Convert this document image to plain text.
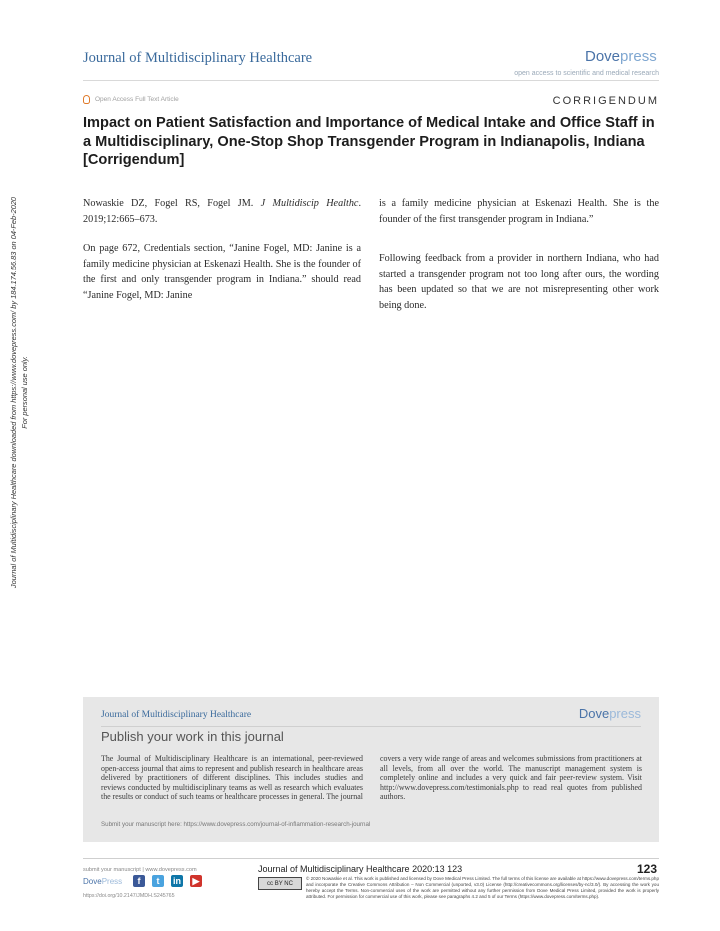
Journal of Multidisciplinary Healthcare	Dovepress
open access to scientific and medical research
Open Access Full Text Article	CORRIGENDUM
Impact on Patient Satisfaction and Importance of Medical Intake and Office Staff in a Multidisciplinary, One-Stop Shop Transgender Program in Indianapolis, Indiana [Corrigendum]
Journal of Multidisciplinary Healthcare downloaded from https://www.dovepress.com/ by 184.174.56.83 on 04-Feb-2020 For personal use only.

Nowaskie DZ, Fogel RS, Fogel JM. J Multidiscip Healthc. 2019;12:665–673.

On page 672, Credentials section, “Janine Fogel, MD: Janine is a family medicine physician at Eskenazi Health. She is the founder of the first and only transgender program in Indiana.” should read “Janine Fogel, MD: Janine

is a family medicine physician at Eskenazi Health. She is the founder of the first transgender program in Indiana.”

Following feedback from a provider in northern Indiana, who had started a transgender program not too long after ours, the wording has been updated so that we are not misrepresenting other work being done.

Journal of Multidisciplinary Healthcare	Dovepress
Publish your work in this journal
The Journal of Multidisciplinary Healthcare is an international, peer-reviewed open-access journal that aims to represent and publish research in healthcare areas delivered by practitioners of different disciplines. This includes studies and reviews conducted by multidisciplinary teams as well as research which evaluates the results or conduct of such teams or healthcare processes in general. The journal
covers a very wide range of areas and welcomes submissions from practitioners at all levels, from all over the world. The manuscript management system is completely online and includes a very quick and fair peer-review system. Visit http://www.dovepress.com/testimonials.php to read real quotes from published authors.
Submit your manuscript here: https://www.dovepress.com/journal-of-inflammation-research-journal
submit your manuscript | www.dovepress.com
DovePress	f	t	in ▶
https://doi.org/10.2147/JMDH.S245765
Journal of Multidisciplinary Healthcare 2020:13 123	123
cc BY NC
© 2020 Nowaskie et al. This work is published and licensed by Dove Medical Press Limited. The full terms of this license are available at https://www.dovepress.com/terms.php and incorporate the Creative Commons Attribution – Non Commercial (unported, v3.0) License (http://creativecommons.org/licenses/by-nc/3.0/). By accessing the work you hereby accept the Terms. Non-commercial uses of the work are permitted without any further permission from Dove Medical Press Limited, provided the work is properly attributed. For permission for commercial use of this work, please see paragraphs 4.2 and 5 of our Terms (https://www.dovepress.com/terms.php).
